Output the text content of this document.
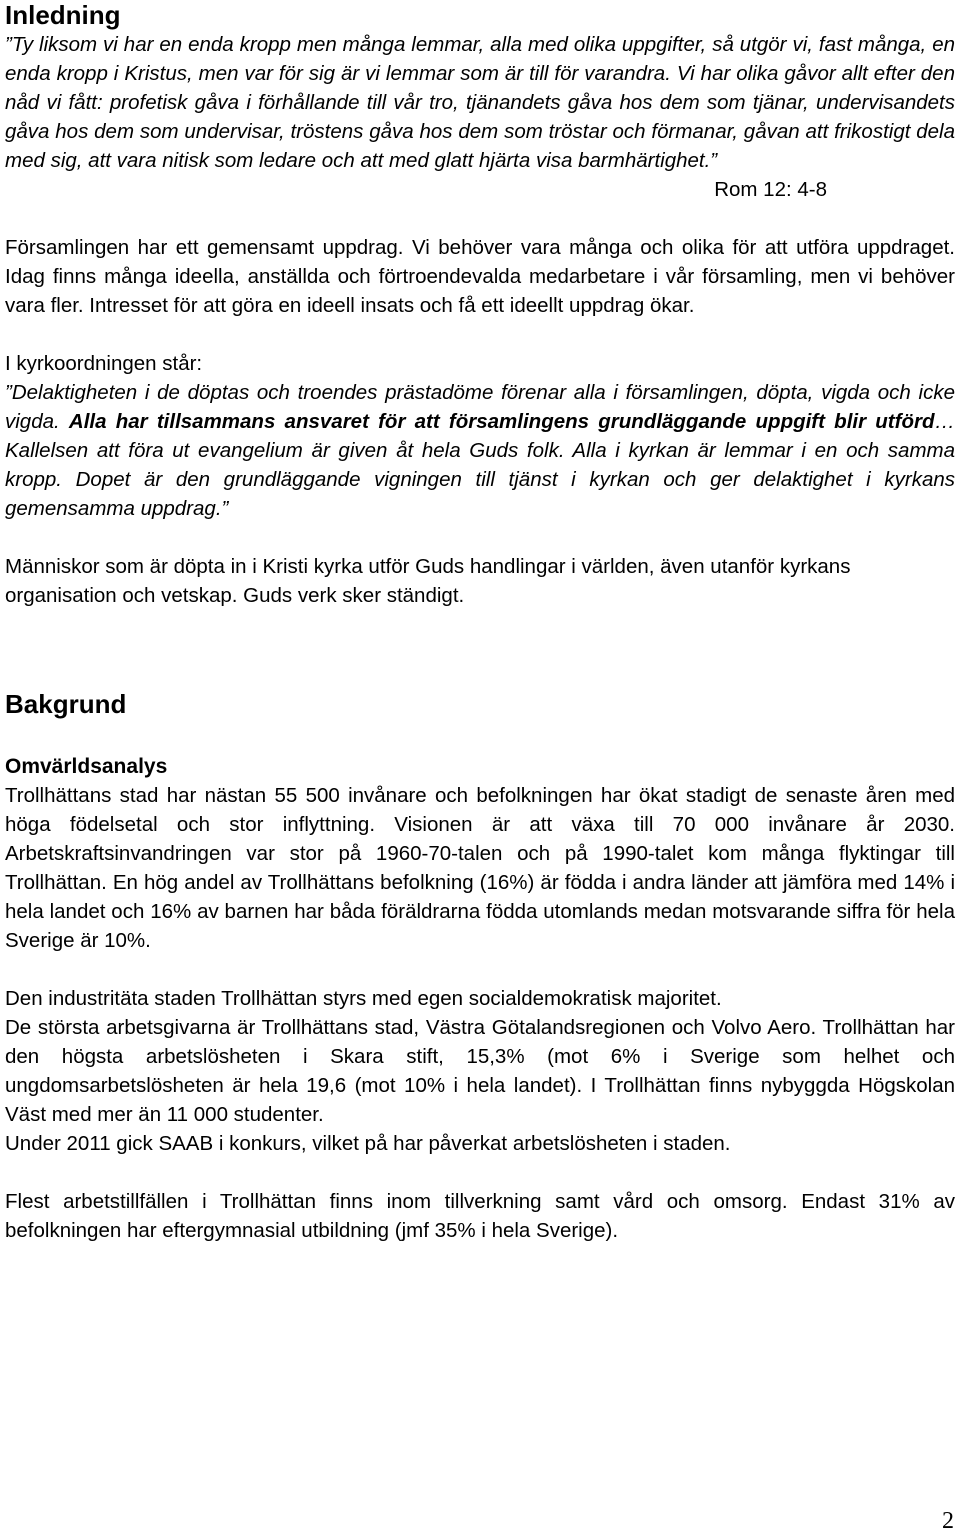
Inledning

”Ty liksom vi har en enda kropp men många lemmar, alla med olika uppgifter, så utgör vi, fast många, en enda kropp i Kristus, men var för sig är vi lemmar som är till för varandra. Vi har olika gåvor allt efter den nåd vi fått: profetisk gåva i förhållande till vår tro, tjänandets gåva hos dem som tjänar, undervisandets gåva hos dem som undervisar, tröstens gåva hos dem som tröstar och förmanar, gåvan att frikostigt dela med sig, att vara nitisk som ledare och att med glatt hjärta visa barmhärtighet.”

Rom 12: 4-8

Församlingen har ett gemensamt uppdrag. Vi behöver vara många och olika för att utföra uppdraget. Idag finns många ideella, anställda och förtroendevalda medarbetare i vår församling, men vi behöver vara fler. Intresset för att göra en ideell insats och få ett ideellt uppdrag ökar.

I kyrkoordningen står:

”Delaktigheten i de döptas och troendes prästadöme förenar alla i församlingen, döpta, vigda och icke vigda. Alla har tillsammans ansvaret för att församlingens grundläggande uppgift blir utförd… Kallelsen att föra ut evangelium är given åt hela Guds folk. Alla i kyrkan är lemmar i en och samma kropp. Dopet är den grundläggande vigningen till tjänst i kyrkan och ger delaktighet i kyrkans gemensamma uppdrag.”

Människor som är döpta in i Kristi kyrka utför Guds handlingar i världen, även utanför kyrkans organisation och vetskap. Guds verk sker ständigt.

Bakgrund

Omvärldsanalys

Trollhättans stad har nästan 55 500 invånare och befolkningen har ökat stadigt de senaste åren med höga födelsetal och stor inflyttning. Visionen är att växa till 70 000 invånare år 2030. Arbetskraftsinvandringen var stor på 1960-70-talen och på 1990-talet kom många flyktingar till Trollhättan. En hög andel av Trollhättans befolkning (16%) är födda i andra länder att jämföra med 14% i hela landet och 16% av barnen har båda föräldrarna födda utomlands medan motsvarande siffra för hela Sverige är 10%.

Den industritäta staden Trollhättan styrs med egen socialdemokratisk majoritet.

De största arbetsgivarna är Trollhättans stad, Västra Götalandsregionen och Volvo Aero. Trollhättan har den högsta arbetslösheten i Skara stift, 15,3% (mot 6% i Sverige som helhet och ungdomsarbetslösheten är hela 19,6 (mot 10% i hela landet). I Trollhättan finns nybyggda Högskolan Väst med mer än 11 000 studenter.

Under 2011 gick SAAB i konkurs, vilket på har påverkat arbetslösheten i staden.

Flest arbetstillfällen i Trollhättan finns inom tillverkning samt vård och omsorg. Endast 31% av befolkningen har eftergymnasial utbildning (jmf 35% i hela Sverige).

2
